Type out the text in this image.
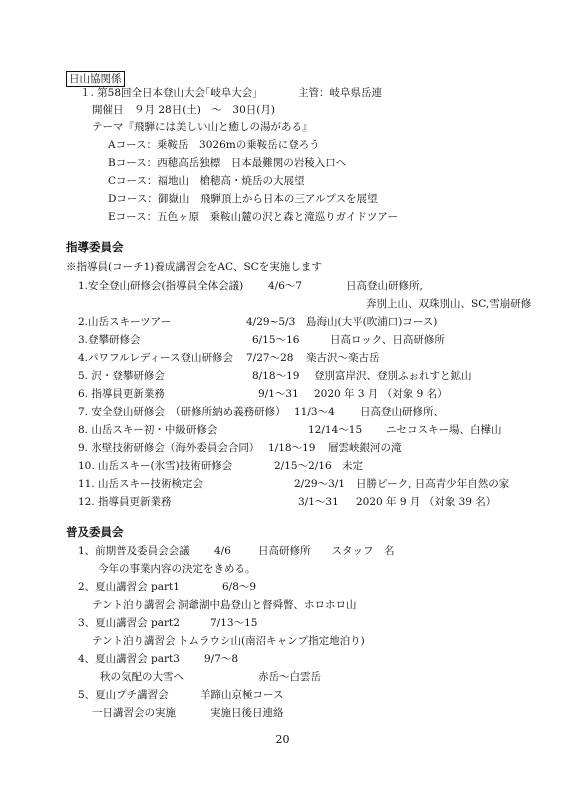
日山協関係
１. 第58回全日本登山大会｢岐阜大会｣	主管：岐阜県岳連
開催日　９月 28日(土)　～　30日(月)
テーマ『飛騨には美しい山と癒しの湯がある』
Aコース：乗鞍岳　3026mの乗鞍岳に登ろう
Bコース：西穂高岳独標　日本最難関の岩稜入口へ
Cコース：福地山　槍穂高・焼岳の大展望
Dコース：御嶽山　飛騨頂上から日本の三アルプスを展望
Eコース：五色ヶ原　乗鞍山麓の沢と森と滝巡りガイドツアー
指導委員会
※指導員(コーチ1)養成講習会をAC、SCを実施します
1.安全登山研修会(指導員全体会議) 4/6～7	日高登山研修所,
奔別上山、双珠別山、SC,雪崩研修
2.山岳スキーツアー	4/29~5/3 島海山(大平(吹浦口)コース)
3.登攀研修会	6/15～16	日高ロック、日高研修所
4.パワフルレディース登山研修会 7/27～28 楽古沢～楽古岳
5. 沢・登攀研修会	8/18～19 登別富岸沢、登別ふぉれすと鉱山
6. 指導員更新業務	9/1～31 2020 年 3 月 （対象 9 名）
7. 安全登山研修会　（研修所納め義務研修） 11/3～4 日高登山研修所、
8. 山岳スキー初・中級研修会	12/14～15 ニセコスキー場、白樺山
9. 氷壁技術研修会（海外委員会合同） 1/18～19 層雲峡銀河の滝
10. 山岳スキー(氷雪)技術研修会	2/15～2/16 未定
11. 山岳スキー技術検定会	2/29～3/1 日勝ピーク, 日高青少年自然の家
12. 指導員更新業務	3/1～31 2020 年 9 月 （対象 39 名）
普及委員会
1、前期普及委員会会議 4/6	日高研修所　　スタッフ　名
今年の事業内容の決定をきめる。
2、夏山講習会 part1	6/8～9
テント泊り講習会 洞爺湖中島登山と督舜瞥、ホロホロ山
3、夏山講習会 part2	7/13～15
テント泊り講習会 トムラウシ山(南沼キャンプ指定地泊り)
4、夏山講習会 part3 9/7～8
秋の気配の大雪へ	赤岳～白雲岳
5、夏山プチ講習会	羊蹄山京極コース
一日講習会の実施	実施日後日連絡
20
